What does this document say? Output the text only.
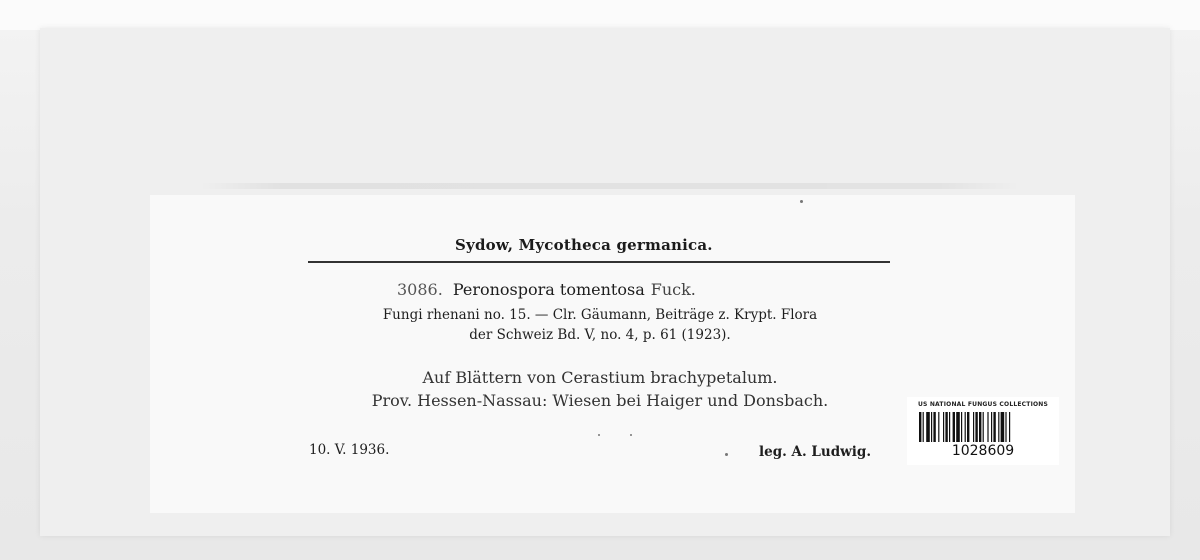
Sydow, Mycotheca germanica.
3086. Peronospora tomentosa Fuck.
Fungi rhenani no. 15. — Clr. Gäumann, Beiträge z. Krypt. Flora
der Schweiz Bd. V, no. 4, p. 61 (1923).
Auf Blättern von Cerastium brachypetalum.
Prov. Hessen-Nassau: Wiesen bei Haiger und Donsbach.
10. V. 1936.	leg. A. Ludwig.
US NATIONAL FUNGUS COLLECTIONS
1028609
